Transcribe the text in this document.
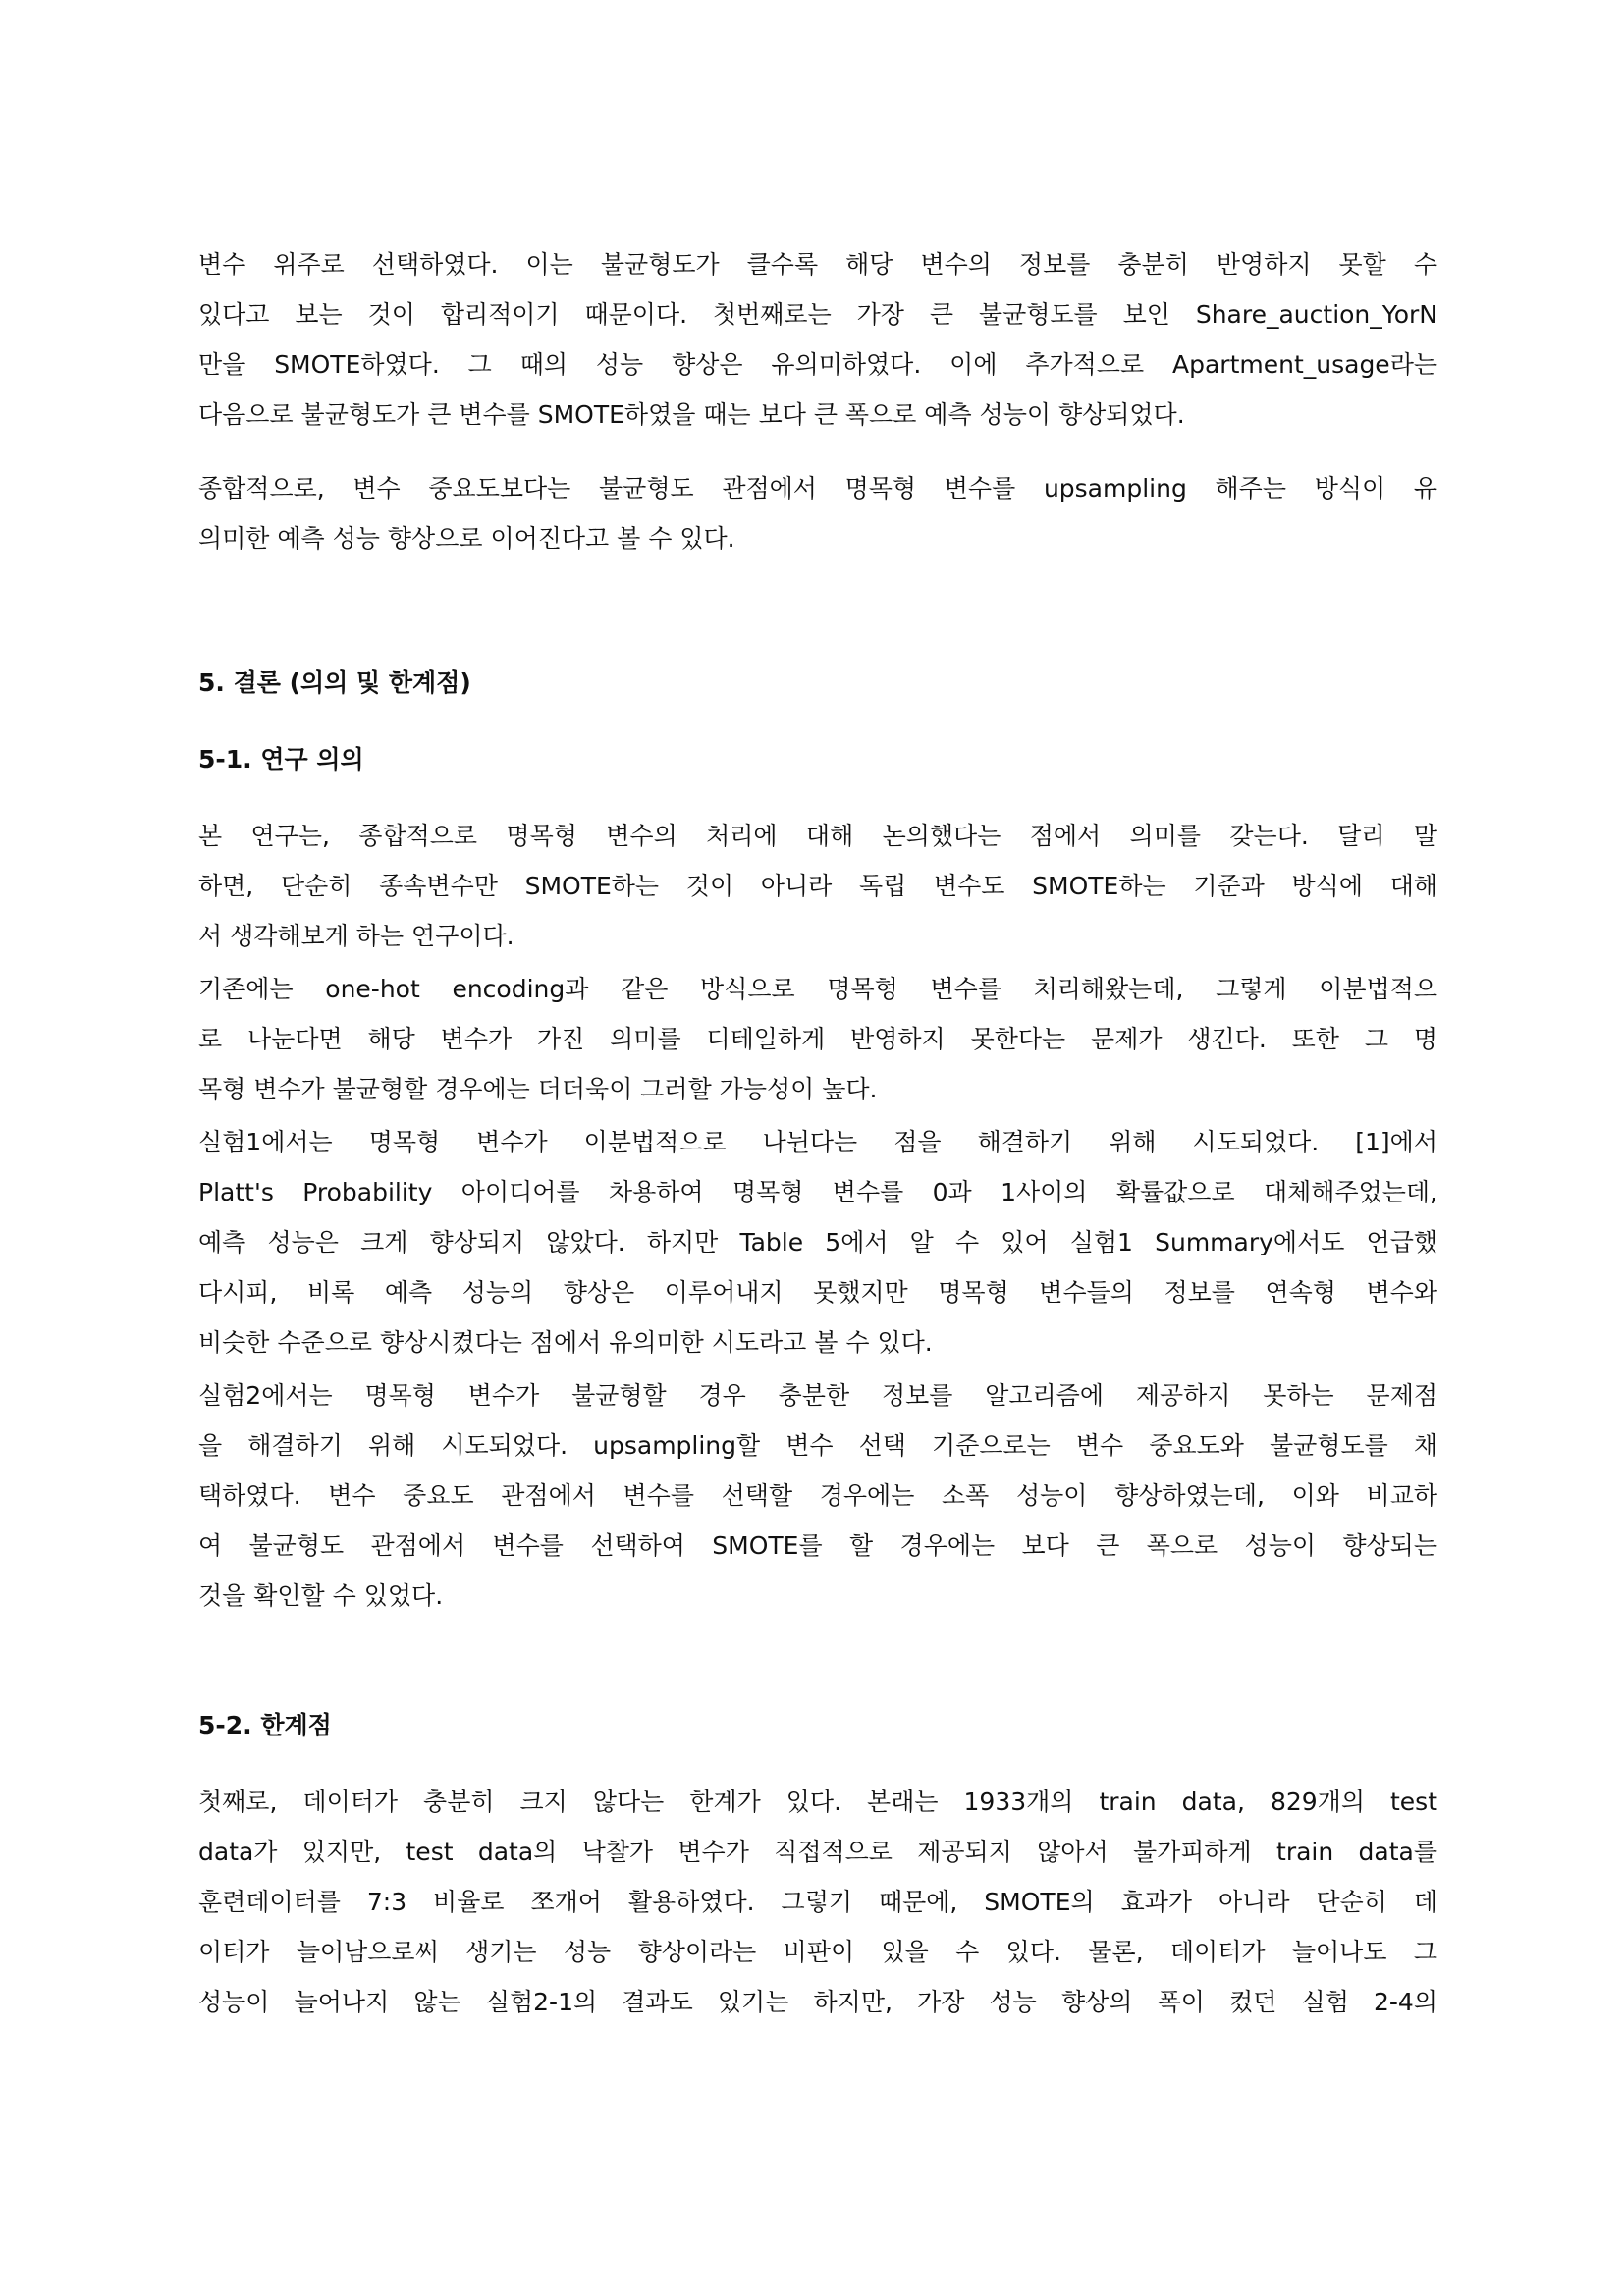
변수 위주로 선택하였다. 이는 불균형도가 클수록 해당 변수의 정보를 충분히 반영하지 못할 수
있다고 보는 것이 합리적이기 때문이다. 첫번째로는 가장 큰 불균형도를 보인 Share_auction_YorN
만을 SMOTE하였다. 그 때의 성능 향상은 유의미하였다. 이에 추가적으로 Apartment_usage라는
다음으로 불균형도가 큰 변수를 SMOTE하였을 때는 보다 큰 폭으로 예측 성능이 향상되었다.
종합적으로, 변수 중요도보다는 불균형도 관점에서 명목형 변수를 upsampling 해주는 방식이 유
의미한 예측 성능 향상으로 이어진다고 볼 수 있다.
5. 결론 (의의 및 한계점)
5-1. 연구 의의
본 연구는, 종합적으로 명목형 변수의 처리에 대해 논의했다는 점에서 의미를 갖는다. 달리 말
하면, 단순히 종속변수만 SMOTE하는 것이 아니라 독립 변수도 SMOTE하는 기준과 방식에 대해
서 생각해보게 하는 연구이다.
기존에는 one-hot encoding과 같은 방식으로 명목형 변수를 처리해왔는데, 그렇게 이분법적으
로 나눈다면 해당 변수가 가진 의미를 디테일하게 반영하지 못한다는 문제가 생긴다. 또한 그 명
목형 변수가 불균형할 경우에는 더더욱이 그러할 가능성이 높다.
실험1에서는 명목형 변수가 이분법적으로 나뉜다는 점을 해결하기 위해 시도되었다. [1]에서
Platt's Probability 아이디어를 차용하여 명목형 변수를 0과 1사이의 확률값으로 대체해주었는데,
예측 성능은 크게 향상되지 않았다. 하지만 Table 5에서 알 수 있어 실험1 Summary에서도 언급했
다시피, 비록 예측 성능의 향상은 이루어내지 못했지만 명목형 변수들의 정보를 연속형 변수와
비슷한 수준으로 향상시켰다는 점에서 유의미한 시도라고 볼 수 있다.
실험2에서는 명목형 변수가 불균형할 경우 충분한 정보를 알고리즘에 제공하지 못하는 문제점
을 해결하기 위해 시도되었다. upsampling할 변수 선택 기준으로는 변수 중요도와 불균형도를 채
택하였다. 변수 중요도 관점에서 변수를 선택할 경우에는 소폭 성능이 향상하였는데, 이와 비교하
여 불균형도 관점에서 변수를 선택하여 SMOTE를 할 경우에는 보다 큰 폭으로 성능이 향상되는
것을 확인할 수 있었다.
5-2. 한계점
첫째로, 데이터가 충분히 크지 않다는 한계가 있다. 본래는 1933개의 train data, 829개의 test
data가 있지만, test data의 낙찰가 변수가 직접적으로 제공되지 않아서 불가피하게 train data를
훈련데이터를 7:3 비율로 쪼개어 활용하였다. 그렇기 때문에, SMOTE의 효과가 아니라 단순히 데
이터가 늘어남으로써 생기는 성능 향상이라는 비판이 있을 수 있다. 물론, 데이터가 늘어나도 그
성능이 늘어나지 않는 실험2-1의 결과도 있기는 하지만, 가장 성능 향상의 폭이 컸던 실험 2-4의
